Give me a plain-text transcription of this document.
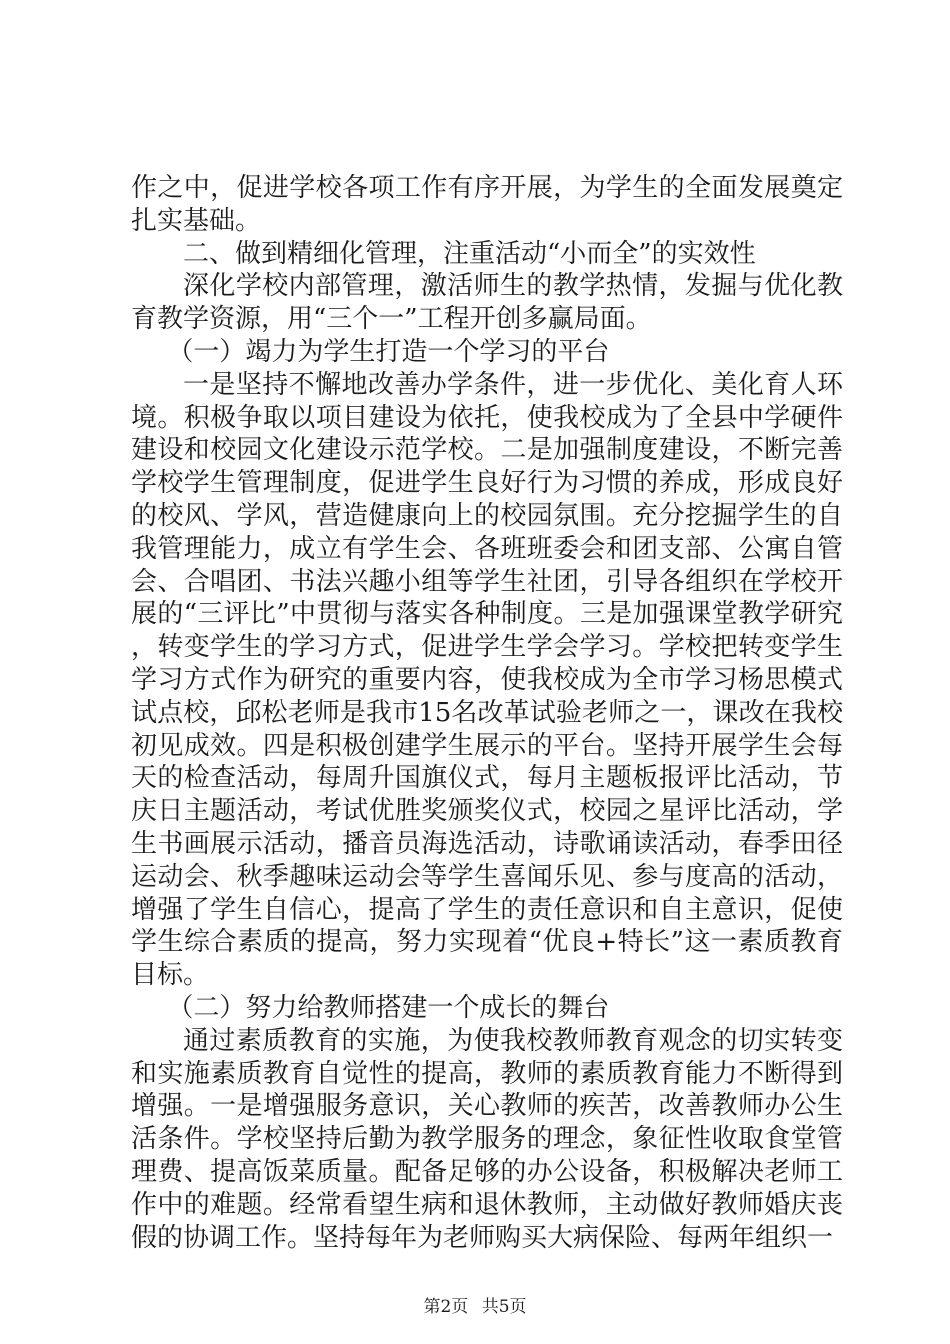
作之中，促进学校各项工作有序开展，为学生的全面发展奠定扎实基础。

二、做到精细化管理，注重活动“小而全”的实效性

深化学校内部管理，激活师生的教学热情，发掘与优化教育教学资源，用“三个一”工程开创多赢局面。

（一）竭力为学生打造一个学习的平台

一是坚持不懈地改善办学条件，进一步优化、美化育人环境。积极争取以项目建设为依托，使我校成为了全县中学硬件建设和校园文化建设示范学校。二是加强制度建设，不断完善学校学生管理制度，促进学生良好行为习惯的养成，形成良好的校风、学风，营造健康向上的校园氛围。充分挖掘学生的自我管理能力，成立有学生会、各班班委会和团支部、公寓自管会、合唱团、书法兴趣小组等学生社团，引导各组织在学校开展的“三评比”中贯彻与落实各种制度。三是加强课堂教学研究，转变学生的学习方式，促进学生学会学习。学校把转变学生学习方式作为研究的重要内容，使我校成为全市学习杨思模式试点校，邱松老师是我市15名改革试验老师之一，课改在我校初见成效。四是积极创建学生展示的平台。坚持开展学生会每天的检查活动，每周升国旗仪式，每月主题板报评比活动，节庆日主题活动，考试优胜奖颁奖仪式，校园之星评比活动，学生书画展示活动，播音员海选活动，诗歌诵读活动，春季田径运动会、秋季趣味运动会等学生喜闻乐见、参与度高的活动，增强了学生自信心，提高了学生的责任意识和自主意识，促使学生综合素质的提高，努力实现着“优良+特长”这一素质教育目标。

（二）努力给教师搭建一个成长的舞台

通过素质教育的实施，为使我校教师教育观念的切实转变和实施素质教育自觉性的提高，教师的素质教育能力不断得到增强。一是增强服务意识，关心教师的疾苦，改善教师办公生活条件。学校坚持后勤为教学服务的理念，象征性收取食堂管理费、提高饭菜质量。配备足够的办公设备，积极解决老师工作中的难题。经常看望生病和退休教师，主动做好教师婚庆丧假的协调工作。坚持每年为老师购买大病保险、每两年组织一

第2页 共5页
